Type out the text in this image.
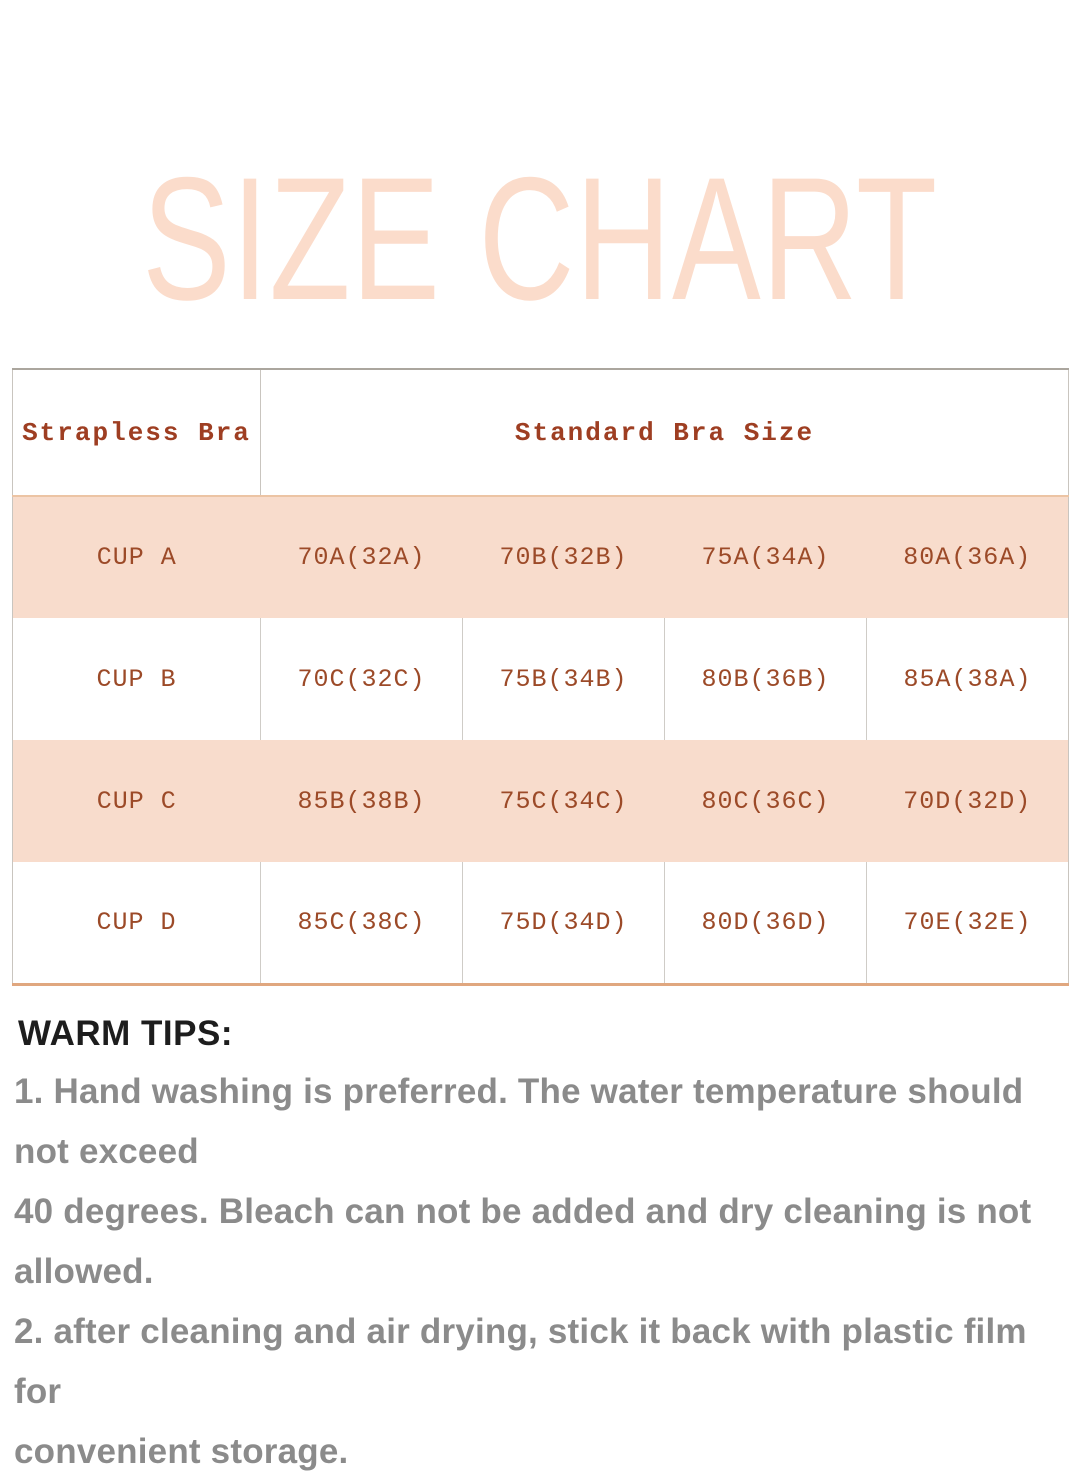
SIZE CHART
Strapless Bra	Standard Bra Size			
CUP A	70A(32A)	70B(32B)	75A(34A)	80A(36A)
CUP B	70C(32C)	75B(34B)	80B(36B)	85A(38A)
CUP C	85B(38B)	75C(34C)	80C(36C)	70D(32D)
CUP D	85C(38C)	75D(34D)	80D(36D)	70E(32E)
WARM TIPS:
1. Hand washing is preferred. The water temperature should not exceed
40 degrees. Bleach can not be added and dry cleaning is not allowed.
2. after cleaning and air drying, stick it back with plastic film for
convenient storage.
